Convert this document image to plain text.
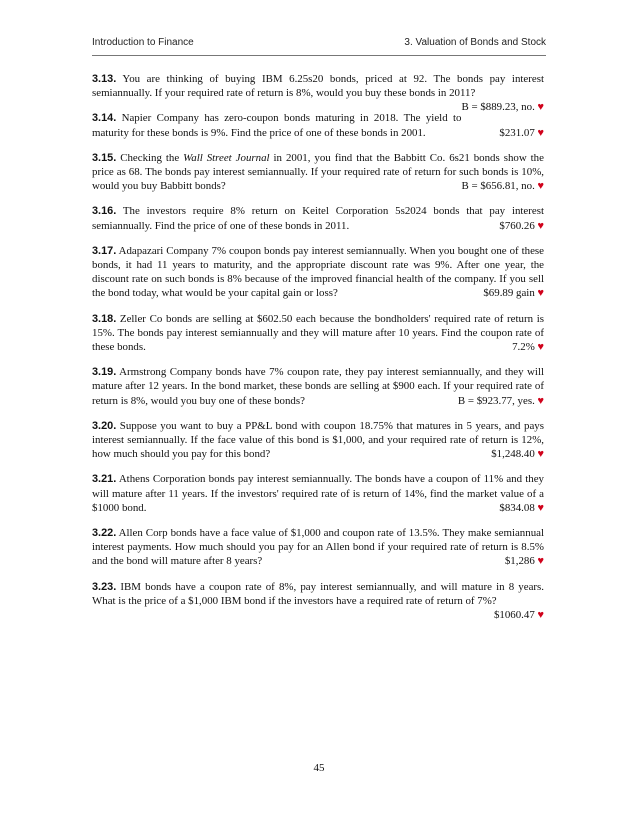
Introduction to Finance	3. Valuation of Bonds and Stock

3.13. You are thinking of buying IBM 6.25s20 bonds, priced at 92. The bonds pay interest semiannually. If your required rate of return is 8%, would you buy these bonds in 2011?
B = $889.23, no. ♥

3.14. Napier Company has zero-coupon bonds maturing in 2018. The yield to maturity for these bonds is 9%. Find the price of one of these bonds in 2001.	$231.07 ♥

3.15. Checking the Wall Street Journal in 2001, you find that the Babbitt Co. 6s21 bonds show the price as 68. The bonds pay interest semiannually. If your required rate of return for such bonds is 10%, would you buy Babbitt bonds?	B = $656.81, no. ♥

3.16. The investors require 8% return on Keitel Corporation 5s2024 bonds that pay interest semiannually. Find the price of one of these bonds in 2011.	$760.26 ♥

3.17. Adapazari Company 7% coupon bonds pay interest semiannually. When you bought one of these bonds, it had 11 years to maturity, and the appropriate discount rate was 9%. After one year, the discount rate on such bonds is 8% because of the improved financial health of the company. If you sell the bond today, what would be your capital gain or loss?	$69.89 gain ♥

3.18. Zeller Co bonds are selling at $602.50 each because the bondholders' required rate of return is 15%. The bonds pay interest semiannually and they will mature after 10 years. Find the coupon rate of these bonds.	7.2% ♥

3.19. Armstrong Company bonds have 7% coupon rate, they pay interest semiannually, and they will mature after 12 years. In the bond market, these bonds are selling at $900 each. If your required rate of return is 8%, would you buy one of these bonds?	B = $923.77, yes. ♥

3.20. Suppose you want to buy a PP&L bond with coupon 18.75% that matures in 5 years, and pays interest semiannually. If the face value of this bond is $1,000, and your required rate of return is 12%, how much should you pay for this bond?	$1,248.40 ♥

3.21. Athens Corporation bonds pay interest semiannually. The bonds have a coupon of 11% and they will mature after 11 years. If the investors' required rate of is return of 14%, find the market value of a $1000 bond.	$834.08 ♥

3.22. Allen Corp bonds have a face value of $1,000 and coupon rate of 13.5%. They make semiannual interest payments. How much should you pay for an Allen bond if your required rate of return is 8.5% and the bond will mature after 8 years?	$1,286 ♥

3.23. IBM bonds have a coupon rate of 8%, pay interest semiannually, and will mature in 8 years. What is the price of a $1,000 IBM bond if the investors have a required rate of return of 7%?
$1060.47 ♥

45
